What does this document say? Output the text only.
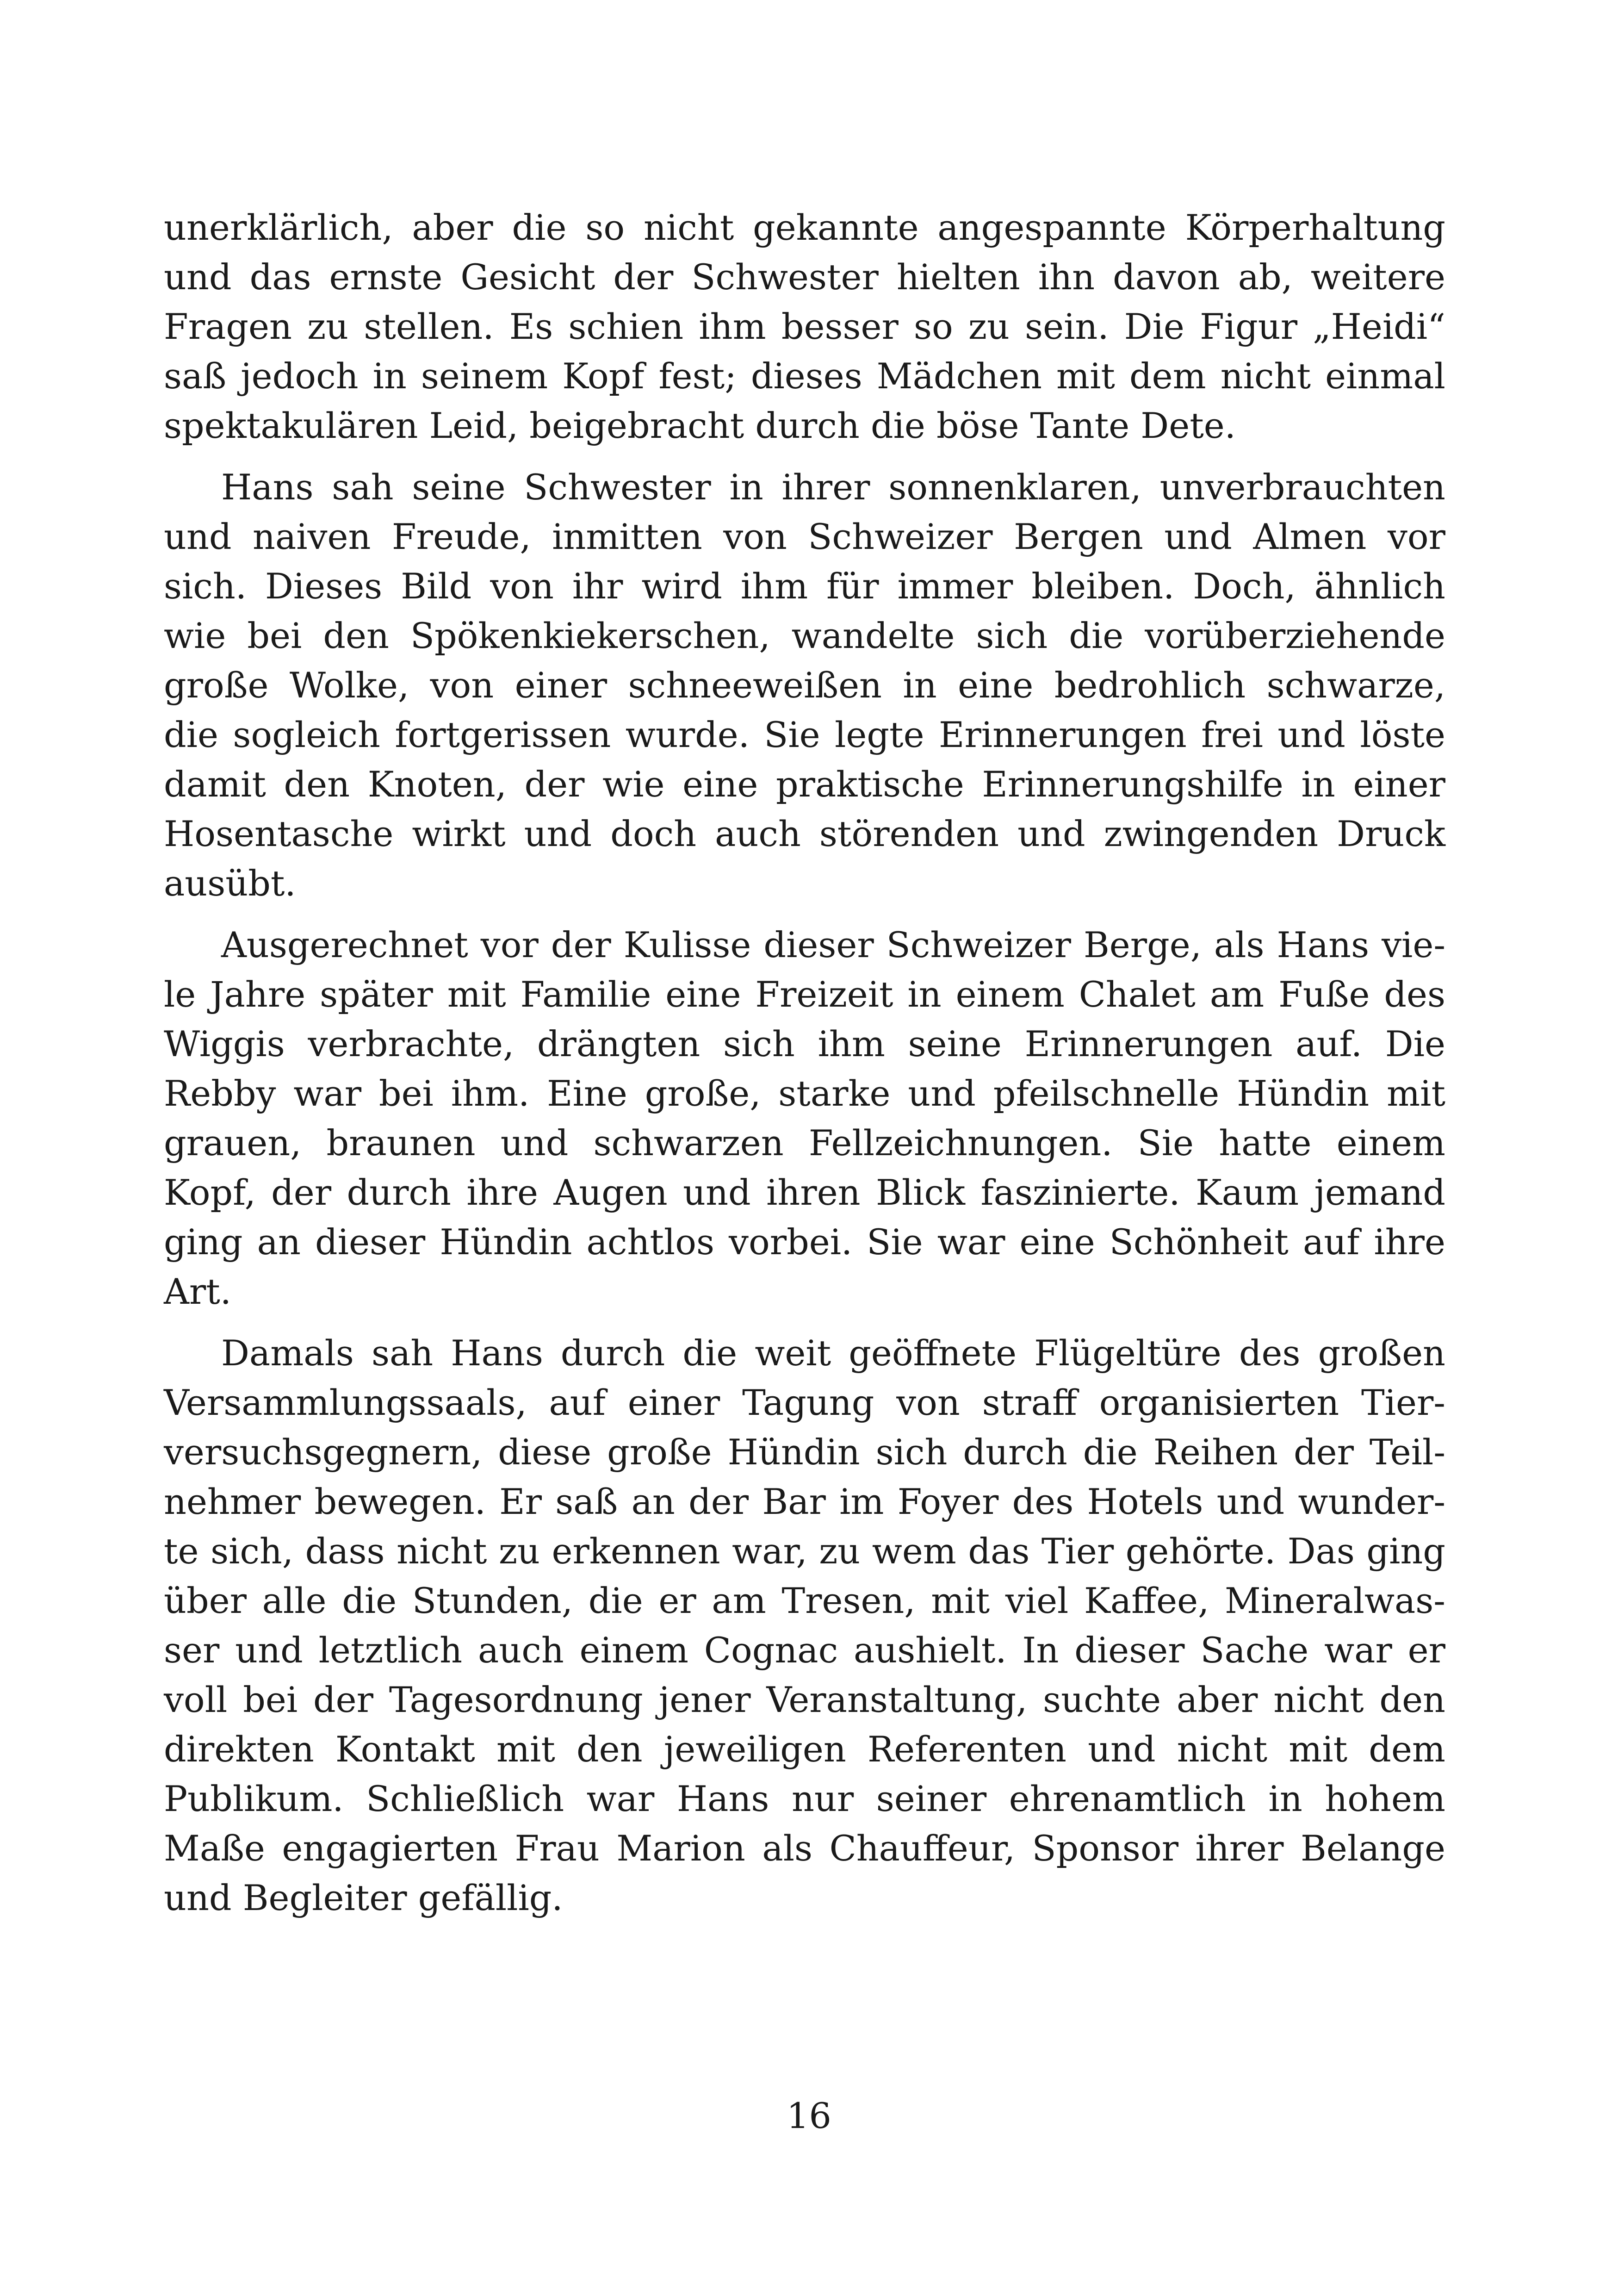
unerklärlich, aber die so nicht gekannte angespannte Körperhaltung
und das ernste Gesicht der Schwester hielten ihn davon ab, weitere
Fragen zu stellen. Es schien ihm besser so zu sein. Die Figur „Heidi“
saß jedoch in seinem Kopf fest; dieses Mädchen mit dem nicht einmal
spektakulären Leid, beigebracht durch die böse Tante Dete.
Hans sah seine Schwester in ihrer sonnenklaren, unverbrauchten
und naiven Freude, inmitten von Schweizer Bergen und Almen vor
sich. Dieses Bild von ihr wird ihm für immer bleiben. Doch, ähnlich
wie bei den Spökenkiekerschen, wandelte sich die vorüberziehende
große Wolke, von einer schneeweißen in eine bedrohlich schwarze,
die sogleich fortgerissen wurde. Sie legte Erinnerungen frei und löste
damit den Knoten, der wie eine praktische Erinnerungshilfe in einer
Hosentasche wirkt und doch auch störenden und zwingenden Druck
ausübt.
Ausgerechnet vor der Kulisse dieser Schweizer Berge, als Hans vie-
le Jahre später mit Familie eine Freizeit in einem Chalet am Fuße des
Wiggis verbrachte, drängten sich ihm seine Erinnerungen auf. Die
Rebby war bei ihm. Eine große, starke und pfeilschnelle Hündin mit
grauen, braunen und schwarzen Fellzeichnungen. Sie hatte einem
Kopf, der durch ihre Augen und ihren Blick faszinierte. Kaum jemand
ging an dieser Hündin achtlos vorbei. Sie war eine Schönheit auf ihre
Art.
Damals sah Hans durch die weit geöffnete Flügeltüre des großen
Versammlungssaals, auf einer Tagung von straff organisierten Tier-
versuchsgegnern, diese große Hündin sich durch die Reihen der Teil-
nehmer bewegen. Er saß an der Bar im Foyer des Hotels und wunder-
te sich, dass nicht zu erkennen war, zu wem das Tier gehörte. Das ging
über alle die Stunden, die er am Tresen, mit viel Kaffee, Mineralwas-
ser und letztlich auch einem Cognac aushielt. In dieser Sache war er
voll bei der Tagesordnung jener Veranstaltung, suchte aber nicht den
direkten Kontakt mit den jeweiligen Referenten und nicht mit dem
Publikum. Schließlich war Hans nur seiner ehrenamtlich in hohem
Maße engagierten Frau Marion als Chauffeur, Sponsor ihrer Belange
und Begleiter gefällig.
16
